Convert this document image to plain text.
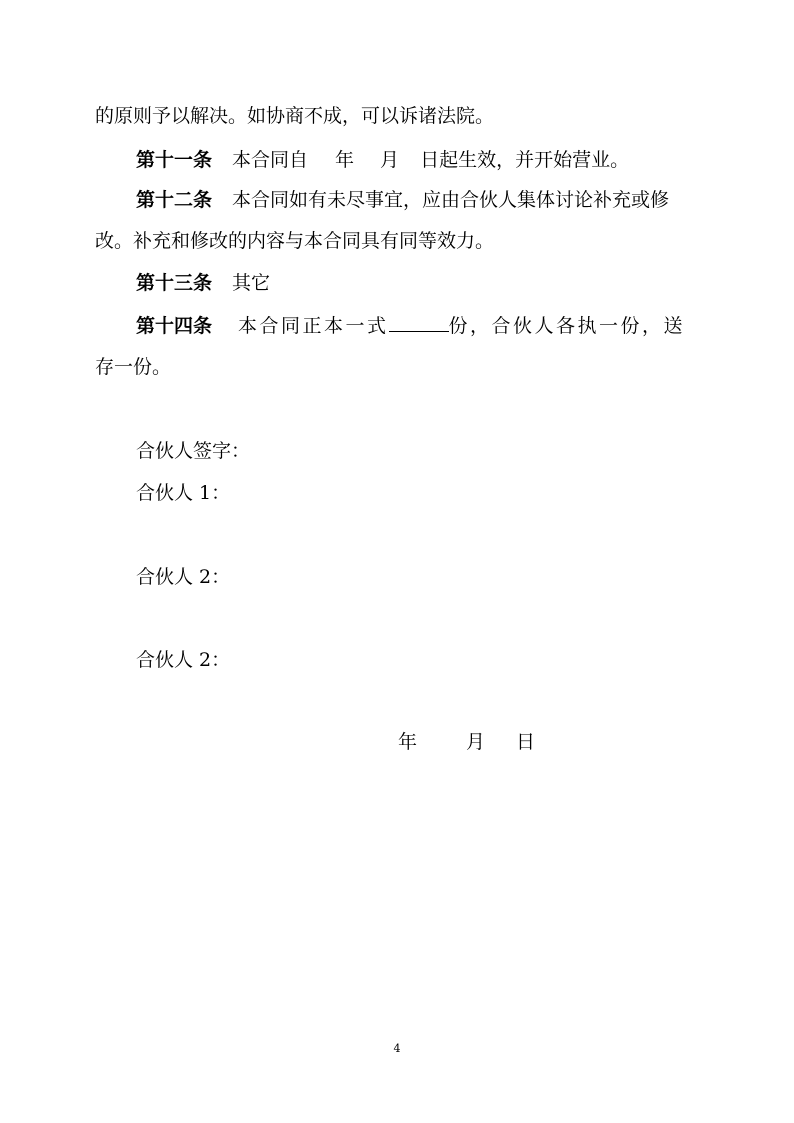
的原则予以解决。如协商不成，可以诉诸法院。
第十一条 本合同自 年 月 日起生效，并开始营业。
第十二条 本合同如有未尽事宜，应由合伙人集体讨论补充或修
改。补充和修改的内容与本合同具有同等效力。
第十三条 其它
第十四条 本合同正本一式	份，合伙人各执一份，送
存一份。
合伙人签字：
合伙人 1：
合伙人 2：
合伙人 2：
年	月 日
4
